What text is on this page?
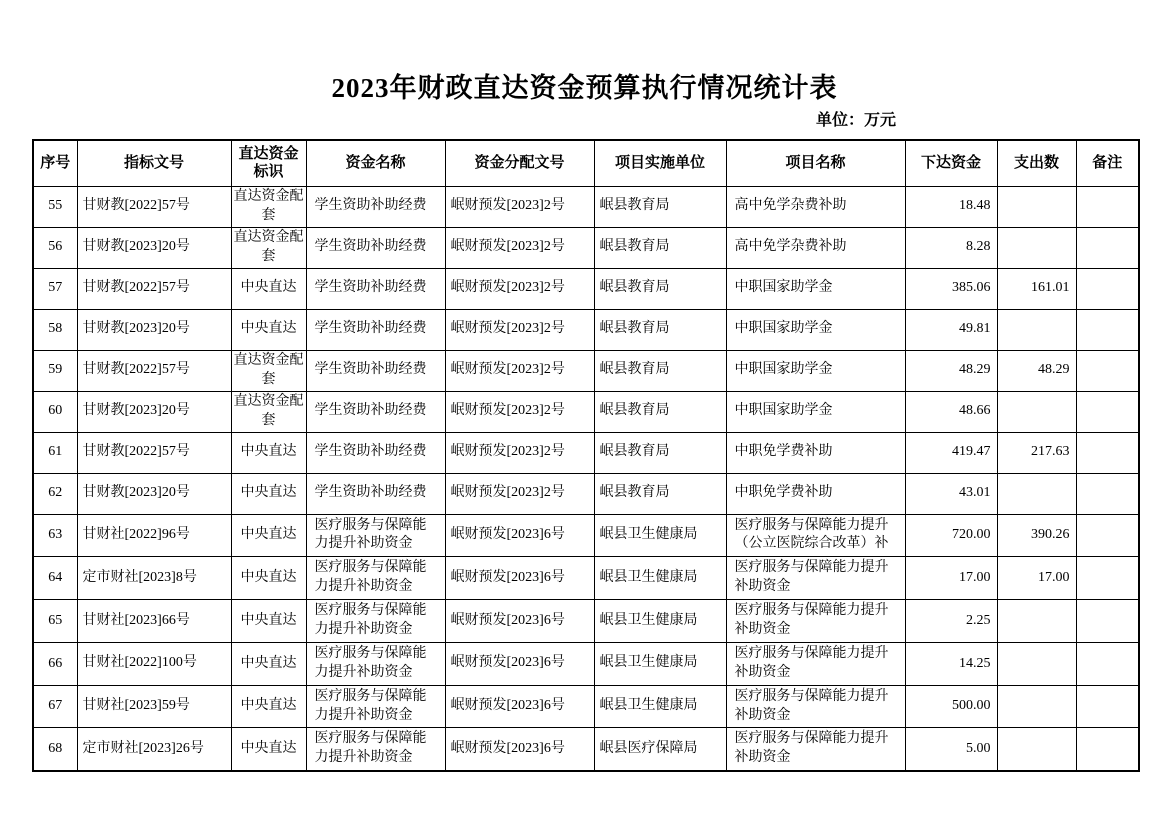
2023年财政直达资金预算执行情况统计表
单位：万元
序号	指标文号	直达资金标识	资金名称	资金分配文号	项目实施单位	项目名称	下达资金	支出数	备注
55	甘财教[2022]57号	直达资金配套	学生资助补助经费	岷财预发[2023]2号	岷县教育局	高中免学杂费补助	18.48		
56	甘财教[2023]20号	直达资金配套	学生资助补助经费	岷财预发[2023]2号	岷县教育局	高中免学杂费补助	8.28		
57	甘财教[2022]57号	中央直达	学生资助补助经费	岷财预发[2023]2号	岷县教育局	中职国家助学金	385.06	161.01	
58	甘财教[2023]20号	中央直达	学生资助补助经费	岷财预发[2023]2号	岷县教育局	中职国家助学金	49.81		
59	甘财教[2022]57号	直达资金配套	学生资助补助经费	岷财预发[2023]2号	岷县教育局	中职国家助学金	48.29	48.29	
60	甘财教[2023]20号	直达资金配套	学生资助补助经费	岷财预发[2023]2号	岷县教育局	中职国家助学金	48.66		
61	甘财教[2022]57号	中央直达	学生资助补助经费	岷财预发[2023]2号	岷县教育局	中职免学费补助	419.47	217.63	
62	甘财教[2023]20号	中央直达	学生资助补助经费	岷财预发[2023]2号	岷县教育局	中职免学费补助	43.01		
63	甘财社[2022]96号	中央直达	医疗服务与保障能力提升补助资金	岷财预发[2023]6号	岷县卫生健康局	医疗服务与保障能力提升（公立医院综合改革）补	720.00	390.26	
64	定市财社[2023]8号	中央直达	医疗服务与保障能力提升补助资金	岷财预发[2023]6号	岷县卫生健康局	医疗服务与保障能力提升补助资金	17.00	17.00	
65	甘财社[2023]66号	中央直达	医疗服务与保障能力提升补助资金	岷财预发[2023]6号	岷县卫生健康局	医疗服务与保障能力提升补助资金	2.25		
66	甘财社[2022]100号	中央直达	医疗服务与保障能力提升补助资金	岷财预发[2023]6号	岷县卫生健康局	医疗服务与保障能力提升补助资金	14.25		
67	甘财社[2023]59号	中央直达	医疗服务与保障能力提升补助资金	岷财预发[2023]6号	岷县卫生健康局	医疗服务与保障能力提升补助资金	500.00		
68	定市财社[2023]26号	中央直达	医疗服务与保障能力提升补助资金	岷财预发[2023]6号	岷县医疗保障局	医疗服务与保障能力提升补助资金	5.00		
